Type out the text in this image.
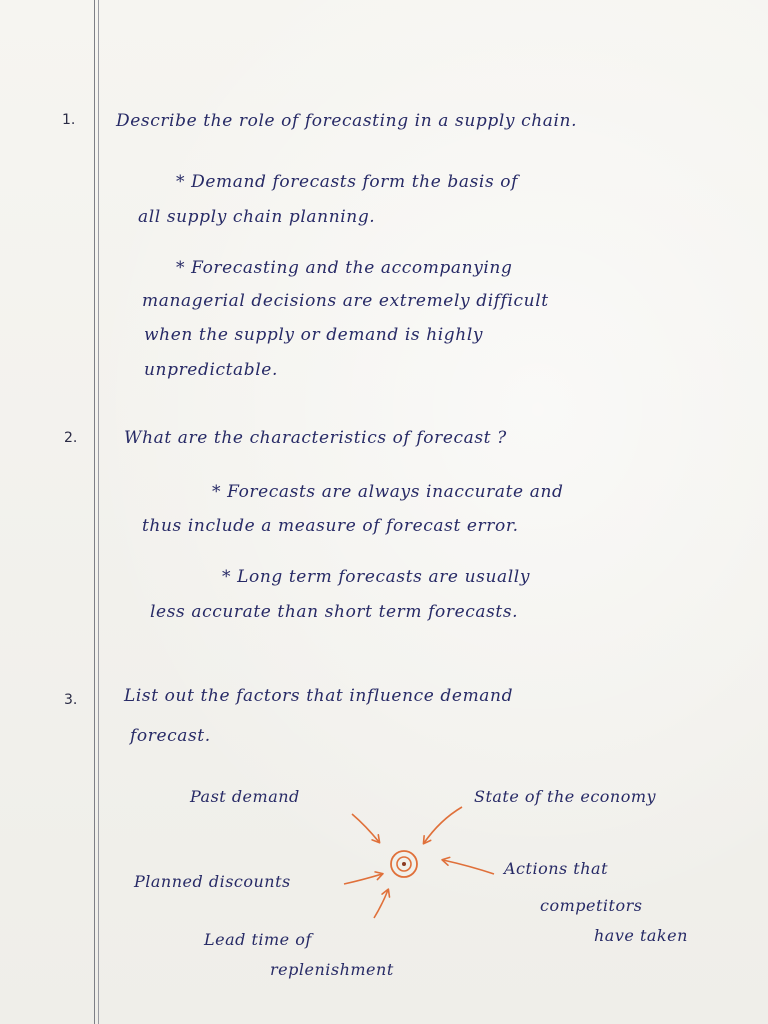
1. Describe the role of forecasting in a supply chain.
* Demand forecasts form the basis of
all supply chain planning.
* Forecasting and the accompanying
managerial decisions are extremely difficult
when the supply or demand is highly
unpredictable.
2.	What are the characteristics of forecast ?
* Forecasts are always inaccurate and
thus include a measure of forecast error.
* Long term forecasts are usually
less accurate than short term forecasts.
3.	List out the factors that influence demand
forecast.
Past demand	State of the economy
Planned discounts
Actions that
competitors
have taken
Lead time of
replenishment
